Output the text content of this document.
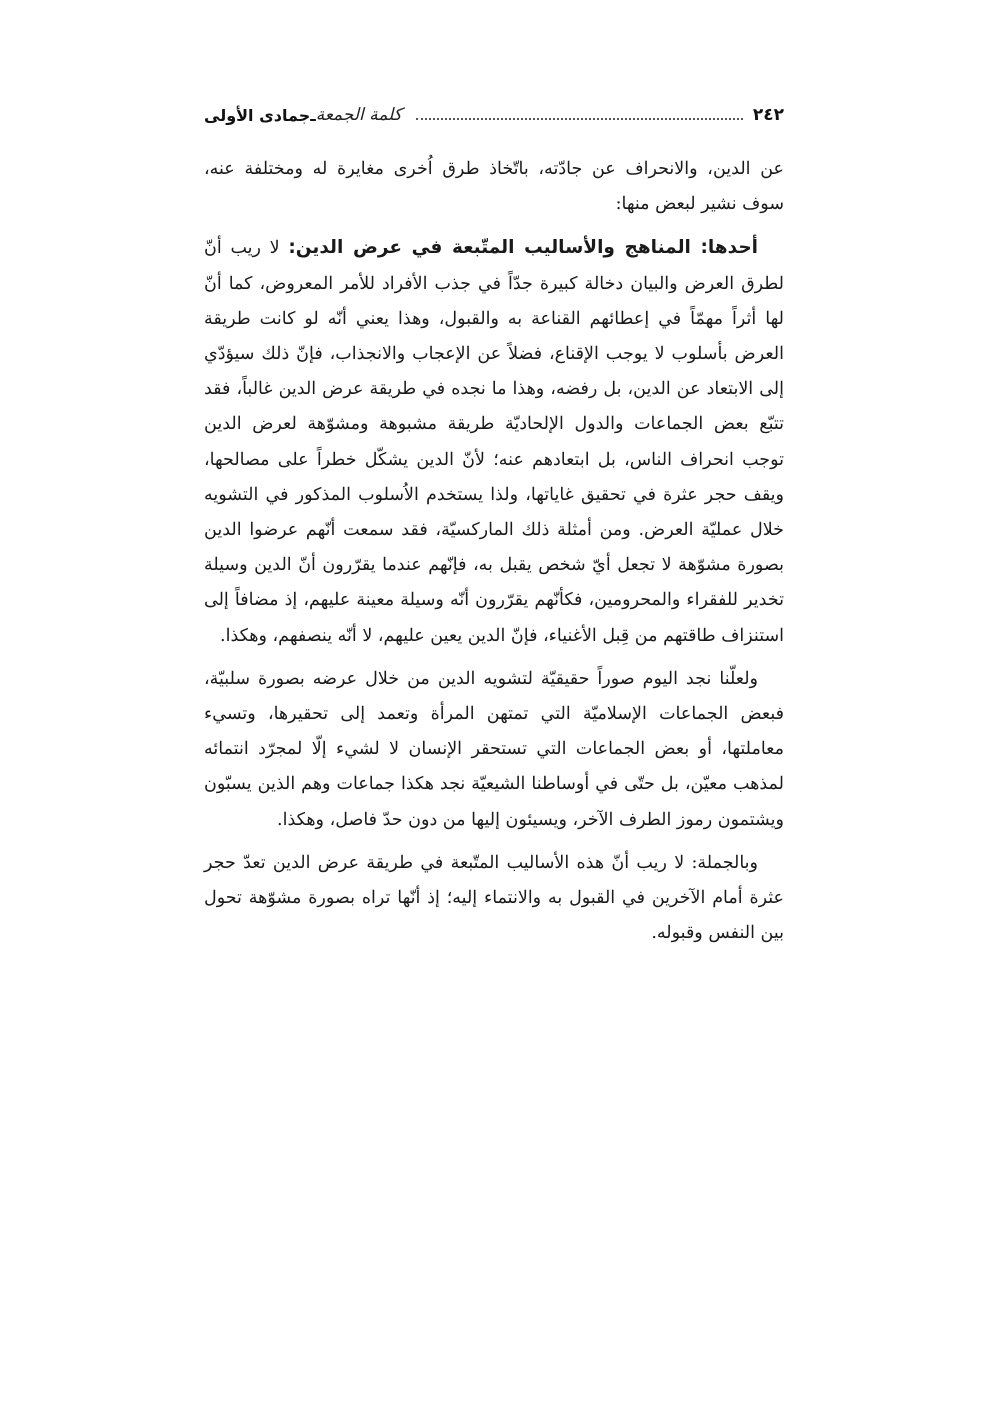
٢٤٢
كلمة الجمعة
ـ
جمادى الأولى

عن الدين، والانحراف عن جادّته، باتّخاذ طرق اُخرى مغايرة له ومختلفة عنه، سوف نشير لبعض منها:

أحدها: المناهج والأساليب المتّبعة في عرض الدين: لا ريب أنّ لطرق العرض والبيان دخالة كبيرة جدّاً في جذب الأفراد للأمر المعروض، كما أنّ لها أثراً مهمّاً في إعطائهم القناعة به والقبول، وهذا يعني أنّه لو كانت طريقة العرض بأسلوب لا يوجب الإقناع، فضلاً عن الإعجاب والانجذاب، فإنّ ذلك سيؤدّي إلى الابتعاد عن الدين، بل رفضه، وهذا ما نجده في طريقة عرض الدين غالباً، فقد تتبّع بعض الجماعات والدول الإلحاديّة طريقة مشبوهة ومشوّهة لعرض الدين توجب انحراف الناس، بل ابتعادهم عنه؛ لأنّ الدين يشكّل خطراً على مصالحها، ويقف حجر عثرة في تحقيق غاياتها، ولذا يستخدم الاُسلوب المذكور في التشويه خلال عمليّة العرض. ومن أمثلة ذلك الماركسيّة، فقد سمعت أنّهم عرضوا الدين بصورة مشوّهة لا تجعل أيّ شخص يقبل به، فإنّهم عندما يقرّرون أنّ الدين وسيلة تخدير للفقراء والمحرومين، فكأنّهم يقرّرون أنّه وسيلة معينة عليهم، إذ مضافاً إلى استنزاف طاقتهم من قِبل الأغنياء، فإنّ الدين يعين عليهم، لا أنّه ينصفهم، وهكذا.

ولعلّنا نجد اليوم صوراً حقيقيّة لتشويه الدين من خلال عرضه بصورة سلبيّة، فبعض الجماعات الإسلاميّة التي تمتهن المرأة وتعمد إلى تحقيرها، وتسيء معاملتها، أو بعض الجماعات التي تستحقر الإنسان لا لشيء إلّا لمجرّد انتمائه لمذهب معيّن، بل حتّى في أوساطنا الشيعيّة نجد هكذا جماعات وهم الذين يسبّون ويشتمون رموز الطرف الآخر، ويسيئون إليها من دون حدّ فاصل، وهكذا.

وبالجملة: لا ريب أنّ هذه الأساليب المتّبعة في طريقة عرض الدين تعدّ حجر عثرة أمام الآخرين في القبول به والانتماء إليه؛ إذ أنّها تراه بصورة مشوّهة تحول بين النفس وقبوله.
